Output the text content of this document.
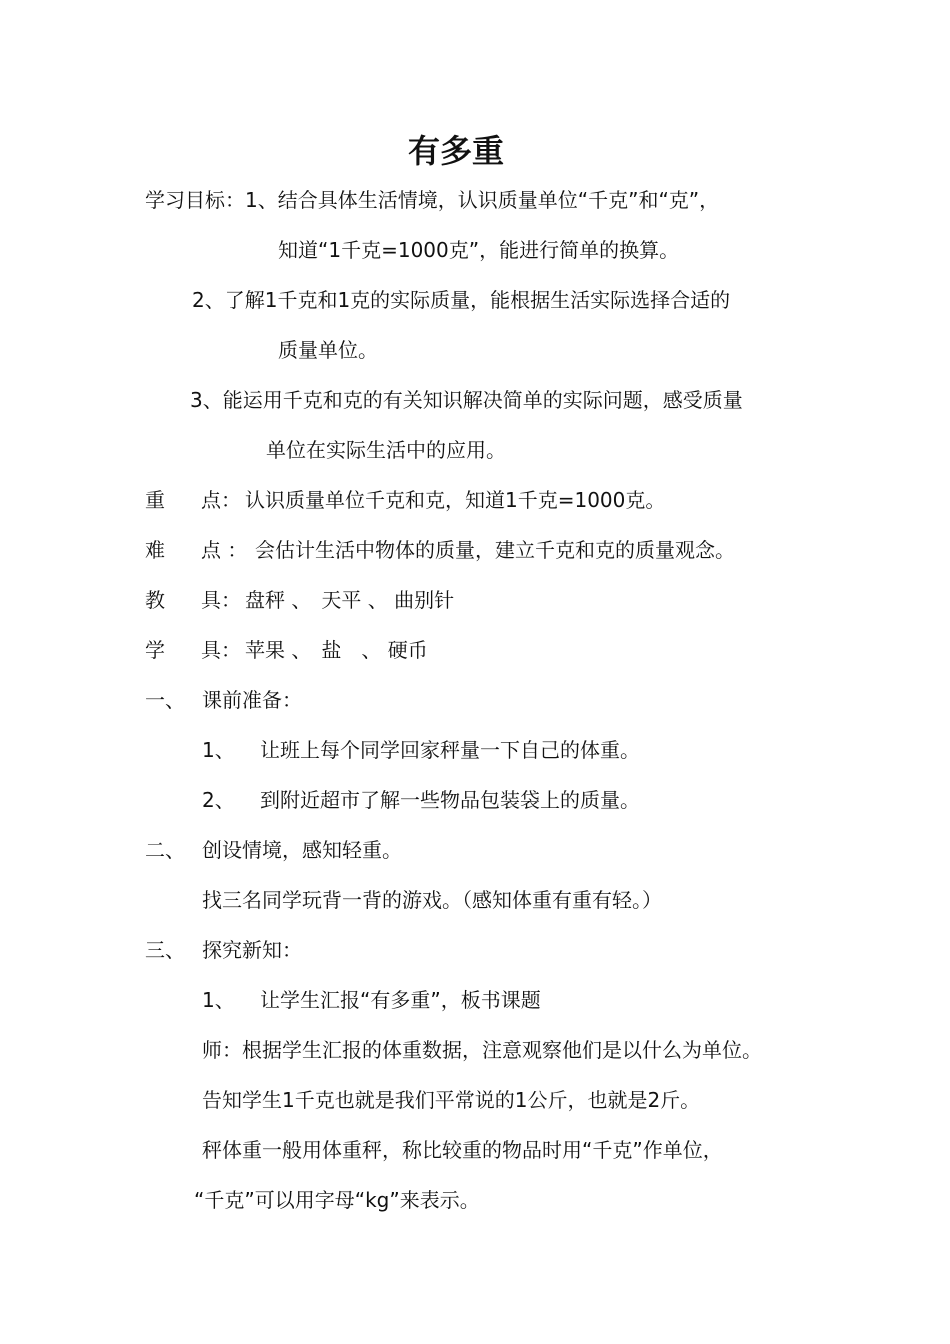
有多重
学习目标：1、结合具体生活情境，认识质量单位“千克”和“克”，
知道“1千克=1000克”，能进行简单的换算。
2、了解1千克和1克的实际质量，能根据生活实际选择合适的
质量单位。
3、能运用千克和克的有关知识解决简单的实际问题，感受质量
单位在实际生活中的应用。
重 点： 认识质量单位千克和克，知道1千克=1000克。

难 点 ： 会估计生活中物体的质量，建立千克和克的质量观念。

教 具： 盘秤 、　天平 、 曲别针

学 具： 苹果 、　盐　、 硬币

一、 课前准备：
1、 让班上每个同学回家秤量一下自己的体重。
2、 到附近超市了解一些物品包装袋上的质量。
二、 创设情境，感知轻重。
找三名同学玩背一背的游戏。（感知体重有重有轻。）
三、 探究新知：
1、 让学生汇报“有多重”，板书课题
师：根据学生汇报的体重数据，注意观察他们是以什么为单位。
告知学生1千克也就是我们平常说的1公斤，也就是2斤。
秤体重一般用体重秤，称比较重的物品时用“千克”作单位，
“千克”可以用字母“kg”来表示。
